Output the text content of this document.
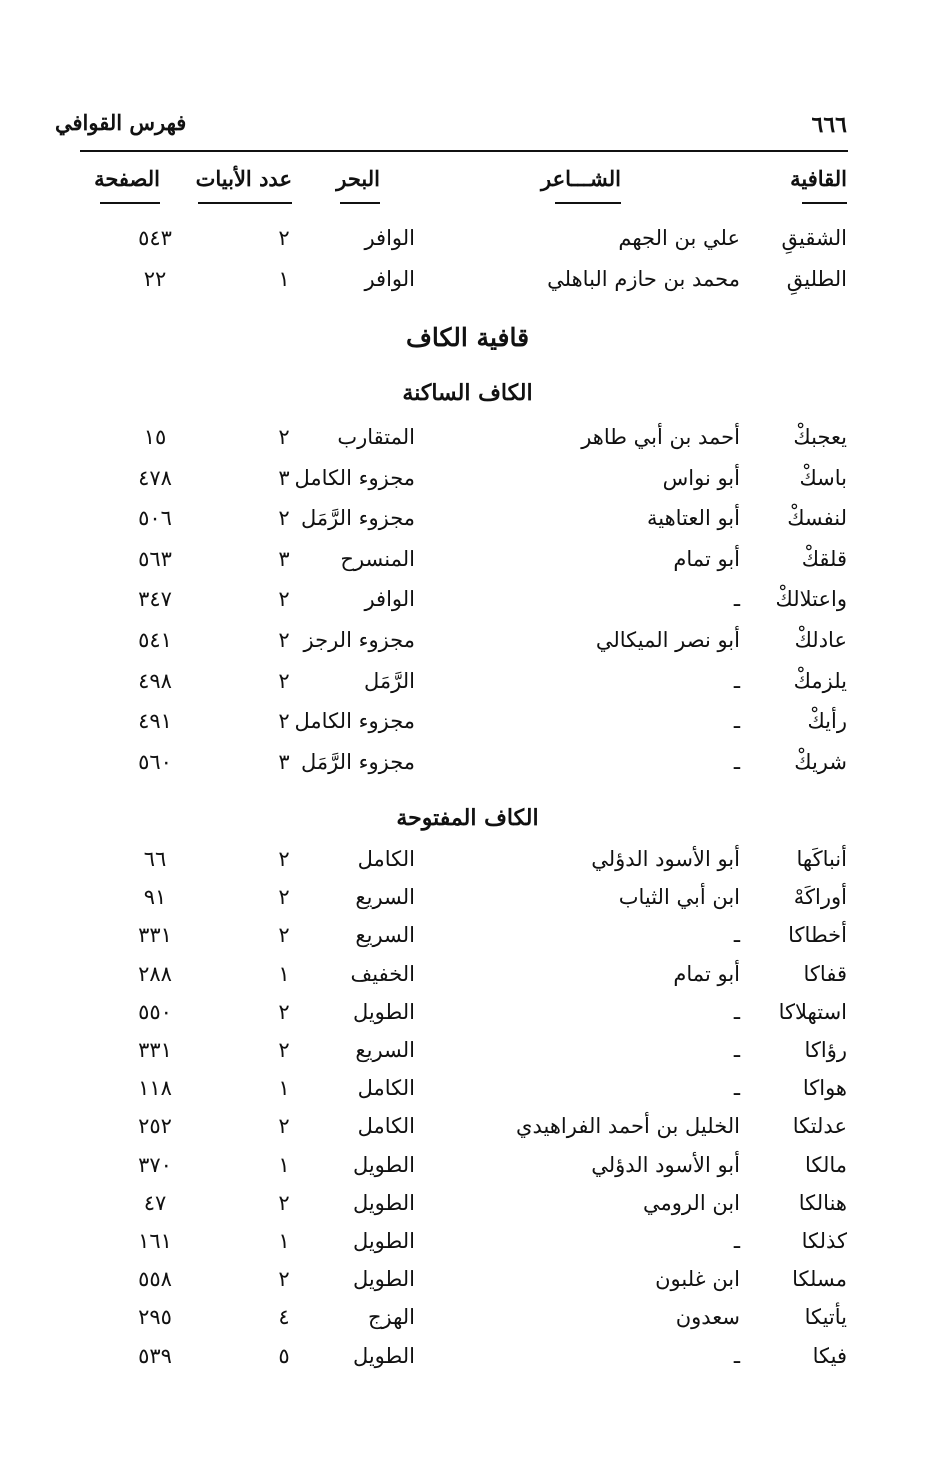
فهرس القوافي	٦٦٦
القافية
الشـــاعر
البحر
عدد الأبيات
الصفحة
الشقيقِ
علي بن الجهم
الوافر
٢
٥٤٣
الطليقِ
محمد بن حازم الباهلي
الوافر
١
٢٢
قافية الكاف
الكاف الساكنة
يعجبكْ
أحمد بن أبي طاهر
المتقارب
٢
١٥
باسكْ
أبو نواس
مجزوء الكامل
٣
٤٧٨
لنفسكْ
أبو العتاهية
مجزوء الرَّمَل
٢
٥٠٦
قلقكْ
أبو تمام
المنسرح
٣
٥٦٣
واعتلالكْ
ـ
الوافر
٢
٣٤٧
عادلكْ
أبو نصر الميكالي
مجزوء الرجز
٢
٥٤١
يلزمكْ
ـ
الرَّمَل
٢
٤٩٨
رأيكْ
ـ
مجزوء الكامل
٢
٤٩١
شريكْ
ـ
مجزوء الرَّمَل
٣
٥٦٠
الكاف المفتوحة
أنباكَها
أبو الأسود الدؤلي
الكامل
٢
٦٦
أوراكَهْ
ابن أبي الثياب
السريع
٢
٩١
أخطاكا
ـ
السريع
٢
٣٣١
قفاكا
أبو تمام
الخفيف
١
٢٨٨
استهلاكا
ـ
الطويل
٢
٥٥٠
رؤاكا
ـ
السريع
٢
٣٣١
هواكا
ـ
الكامل
١
١١٨
عدلتكا
الخليل بن أحمد الفراهيدي
الكامل
٢
٢٥٢
مالكا
أبو الأسود الدؤلي
الطويل
١
٣٧٠
هنالكا
ابن الرومي
الطويل
٢
٤٧
كذلكا
ـ
الطويل
١
١٦١
مسلكا
ابن غلبون
الطويل
٢
٥٥٨
يأتيكا
سعدون
الهزج
٤
٢٩٥
فيكا
ـ
الطويل
٥
٥٣٩
